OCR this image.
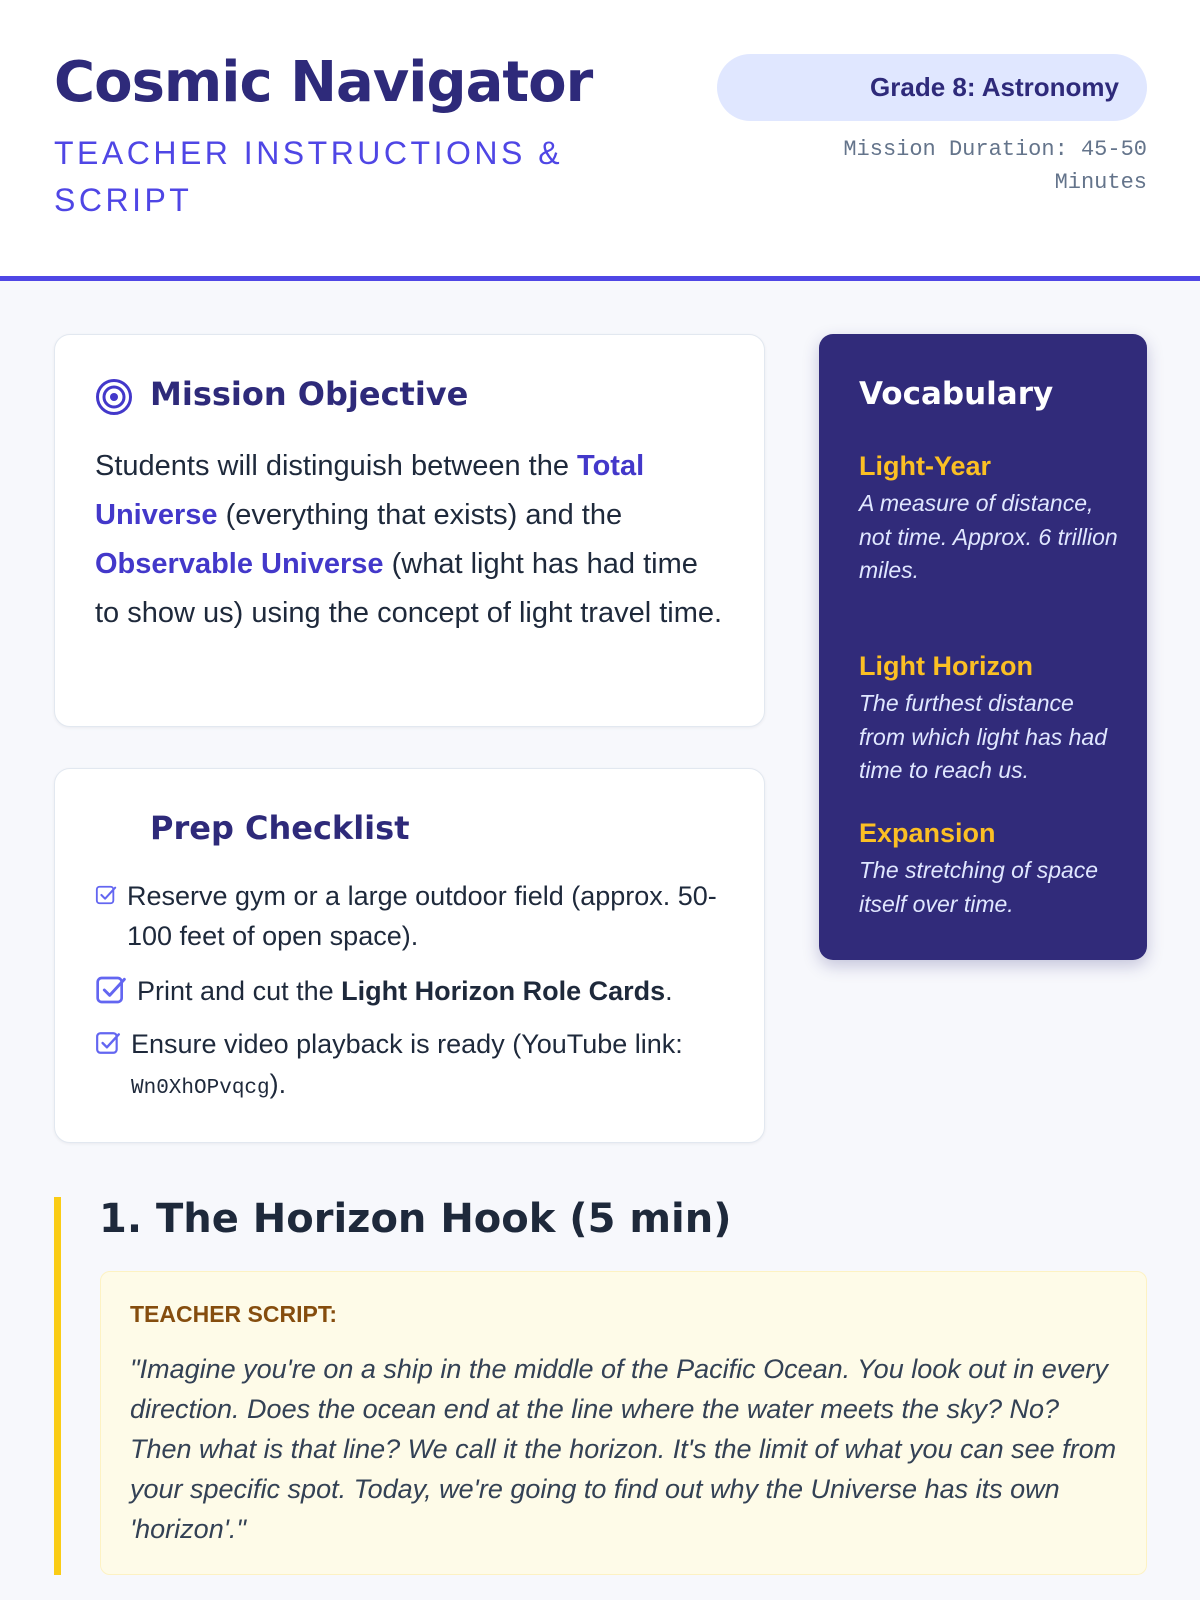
Cosmic Navigator
TEACHER INSTRUCTIONS & SCRIPT
Grade 8: Astronomy
Mission Duration: 45-50 Minutes
Mission Objective

Students will distinguish between the Total Universe (everything that exists) and the Observable Universe (what light has had time to show us) using the concept of light travel time.

Prep Checklist
Reserve gym or a large outdoor field (approx. 50-100 feet of open space).
Print and cut the Light Horizon Role Cards.
Ensure video playback is ready (YouTube link: Wn0XhOPvqcg).
Vocabulary
Light-Year
A measure of distance, not time. Approx. 6 trillion miles.
Light Horizon
The furthest distance from which light has had time to reach us.
Expansion
The stretching of space itself over time.
1. The Horizon Hook (5 min)
TEACHER SCRIPT:

"Imagine you're on a ship in the middle of the Pacific Ocean. You look out in every direction. Does the ocean end at the line where the water meets the sky? No? Then what is that line? We call it the horizon. It's the limit of what you can see from your specific spot. Today, we're going to find out why the Universe has its own 'horizon'."
